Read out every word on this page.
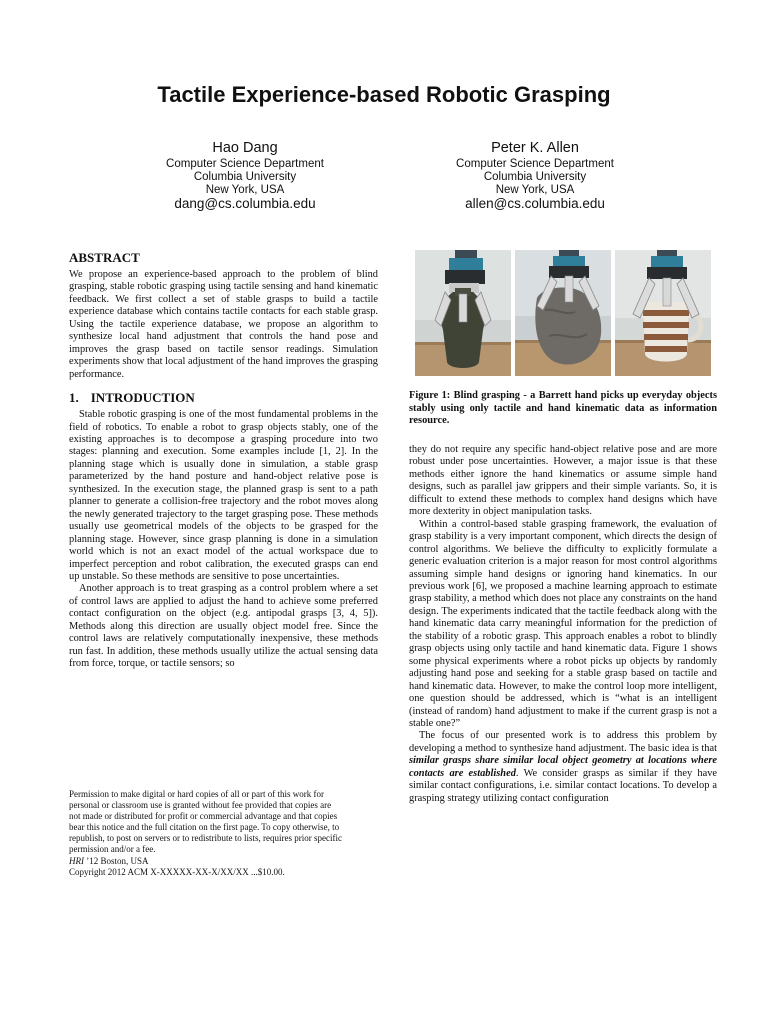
Tactile Experience-based Robotic Grasping
Hao Dang
Computer Science Department
Columbia University
New York, USA
dang@cs.columbia.edu
Peter K. Allen
Computer Science Department
Columbia University
New York, USA
allen@cs.columbia.edu
ABSTRACT

We propose an experience-based approach to the problem of blind grasping, stable robotic grasping using tactile sensing and hand kinematic feedback. We first collect a set of stable grasps to build a tactile experience database which contains tactile contacts for each stable grasp. Using the tactile experience database, we propose an algorithm to synthesize local hand adjustment that controls the hand pose and improves the grasp based on tactile sensor readings. Simulation experiments show that local adjustment of the hand improves the grasping performance.

1. INTRODUCTION

Stable robotic grasping is one of the most fundamental problems in the field of robotics. To enable a robot to grasp objects stably, one of the existing approaches is to decompose a grasping procedure into two stages: planning and execution. Some examples include [1, 2]. In the planning stage which is usually done in simulation, a stable grasp parameterized by the hand posture and hand-object relative pose is synthesized. In the execution stage, the planned grasp is sent to a path planner to generate a collision-free trajectory and the robot moves along the newly generated trajectory to the target grasping pose. These methods usually use geometrical models of the objects to be grasped for the planning stage. However, since grasp planning is done in a simulation world which is not an exact model of the actual workspace due to imperfect perception and robot calibration, the executed grasps can end up unstable. So these methods are sensitive to pose uncertainties.

Another approach is to treat grasping as a control problem where a set of control laws are applied to adjust the hand to achieve some preferred contact configuration on the object (e.g. antipodal grasps [3, 4, 5]). Methods along this direction are usually object model free. Since the control laws are relatively computationally inexpensive, these methods run fast. In addition, these methods usually utilize the actual sensing data from force, torque, or tactile sensors; so

Figure 1: Blind grasping - a Barrett hand picks up everyday objects stably using only tactile and hand kinematic data as information resource.

they do not require any specific hand-object relative pose and are more robust under pose uncertainties. However, a major issue is that these methods either ignore the hand kinematics or assume simple hand designs, such as parallel jaw grippers and their simple variants. So, it is difficult to extend these methods to complex hand designs which have more dexterity in object manipulation tasks.

Within a control-based stable grasping framework, the evaluation of grasp stability is a very important component, which directs the design of control algorithms. We believe the difficulty to explicitly formulate a generic evaluation criterion is a major reason for most control algorithms assuming simple hand designs or ignoring hand kinematics. In our previous work [6], we proposed a machine learning approach to estimate grasp stability, a method which does not place any constraints on the hand design. The experiments indicated that the tactile feedback along with the hand kinematic data carry meaningful information for the prediction of the stability of a robotic grasp. This approach enables a robot to blindly grasp objects using only tactile and hand kinematic data. Figure 1 shows some physical experiments where a robot picks up objects by randomly adjusting hand pose and seeking for a stable grasp based on tactile and hand kinematic data. However, to make the control loop more intelligent, one question should be addressed, which is “what is an intelligent (instead of random) hand adjustment to make if the current grasp is not a stable one?”

The focus of our presented work is to address this problem by developing a method to synthesize hand adjustment. The basic idea is that similar grasps share similar local object geometry at locations where contacts are established. We consider grasps as similar if they have similar contact configurations, i.e. similar contact locations. To develop a grasping strategy utilizing contact configuration

Permission to make digital or hard copies of all or part of this work for
personal or classroom use is granted without fee provided that copies are
not made or distributed for profit or commercial advantage and that copies
bear this notice and the full citation on the first page. To copy otherwise, to
republish, to post on servers or to redistribute to lists, requires prior specific
permission and/or a fee.
HRI ’12 Boston, USA
Copyright 2012 ACM X-XXXXX-XX-X/XX/XX ...$10.00.
